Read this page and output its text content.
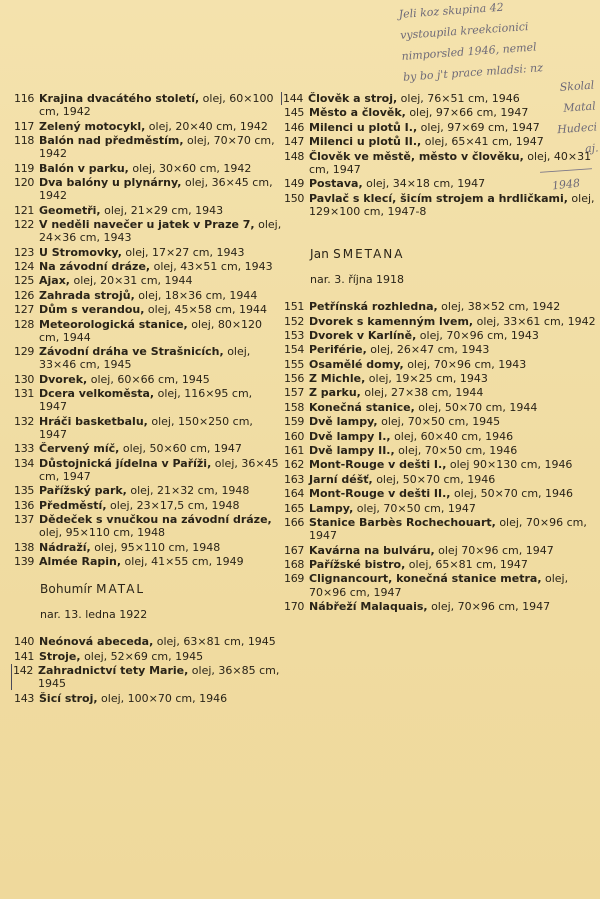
Jeli koz skupina 42
vystoupila kreekcionici
nimporsled 1946, nemel
by bo j't prace mladsi: nz
Skolal
Matal
Hudeci
aj.
1948
116 Krajina dvacátého století, olej, 60×100 cm, 1942
117 Zelený motocykl, olej, 20×40 cm, 1942
118 Balón nad předměstím, olej, 70×70 cm, 1942
119 Balón v parku, olej, 30×60 cm, 1942
120 Dva balóny u plynárny, olej, 36×45 cm, 1942
121 Geometři, olej, 21×29 cm, 1943
122 V neděli navečer u jatek v Praze 7, olej, 24×36 cm, 1943
123 U Stromovky, olej, 17×27 cm, 1943
124 Na závodní dráze, olej, 43×51 cm, 1943
125 Ajax, olej, 20×31 cm, 1944
126 Zahrada strojů, olej, 18×36 cm, 1944
127 Dům s verandou, olej, 45×58 cm, 1944
128 Meteorologická stanice, olej, 80×120 cm, 1944
129 Závodní dráha ve Strašnicích, olej, 33×46 cm, 1945
130 Dvorek, olej, 60×66 cm, 1945
131 Dcera velkoměsta, olej, 116×95 cm, 1947
132 Hráči basketbalu, olej, 150×250 cm, 1947
133 Červený míč, olej, 50×60 cm, 1947
134 Důstojnická jídelna v Paříži, olej, 36×45 cm, 1947
135 Pařížský park, olej, 21×32 cm, 1948
136 Předměstí, olej, 23×17,5 cm, 1948
137 Dědeček s vnučkou na závodní dráze, olej, 95×110 cm, 1948
138 Nádraží, olej, 95×110 cm, 1948
139 Almée Rapin, olej, 41×55 cm, 1949
Bohumír MATAL
nar. 13. ledna 1922
140 Neónová abeceda, olej, 63×81 cm, 1945
141 Stroje, olej, 52×69 cm, 1945
142 Zahradnictví tety Marie, olej, 36×85 cm, 1945
143 Šicí stroj, olej, 100×70 cm, 1946
144 Člověk a stroj, olej, 76×51 cm, 1946
145 Město a člověk, olej, 97×66 cm, 1947
146 Milenci u plotů I., olej, 97×69 cm, 1947
147 Milenci u plotů II., olej, 65×41 cm, 1947
148 Člověk ve městě, město v člověku, olej, 40×31 cm, 1947
149 Postava, olej, 34×18 cm, 1947
150 Pavlač s klecí, šicím strojem a hrdličkami, olej, 129×100 cm, 1947-8
Jan SMETANA
nar. 3. října 1918
151 Petřínská rozhledna, olej, 38×52 cm, 1942
152 Dvorek s kamenným lvem, olej, 33×61 cm, 1942
153 Dvorek v Karlíně, olej, 70×96 cm, 1943
154 Periférie, olej, 26×47 cm, 1943
155 Osamělé domy, olej, 70×96 cm, 1943
156 Z Michle, olej, 19×25 cm, 1943
157 Z parku, olej, 27×38 cm, 1944
158 Konečná stanice, olej, 50×70 cm, 1944
159 Dvě lampy, olej, 70×50 cm, 1945
160 Dvě lampy I., olej, 60×40 cm, 1946
161 Dvě lampy II., olej, 70×50 cm, 1946
162 Mont-Rouge v dešti I., olej 90×130 cm, 1946
163 Jarní déšť, olej, 50×70 cm, 1946
164 Mont-Rouge v dešti II., olej, 50×70 cm, 1946
165 Lampy, olej, 70×50 cm, 1947
166 Stanice Barbès Rochechouart, olej, 70×96 cm, 1947
167 Kavárna na bulváru, olej 70×96 cm, 1947
168 Pařížské bistro, olej, 65×81 cm, 1947
169 Clignancourt, konečná stanice metra, olej, 70×96 cm, 1947
170 Nábřeží Malaquais, olej, 70×96 cm, 1947
